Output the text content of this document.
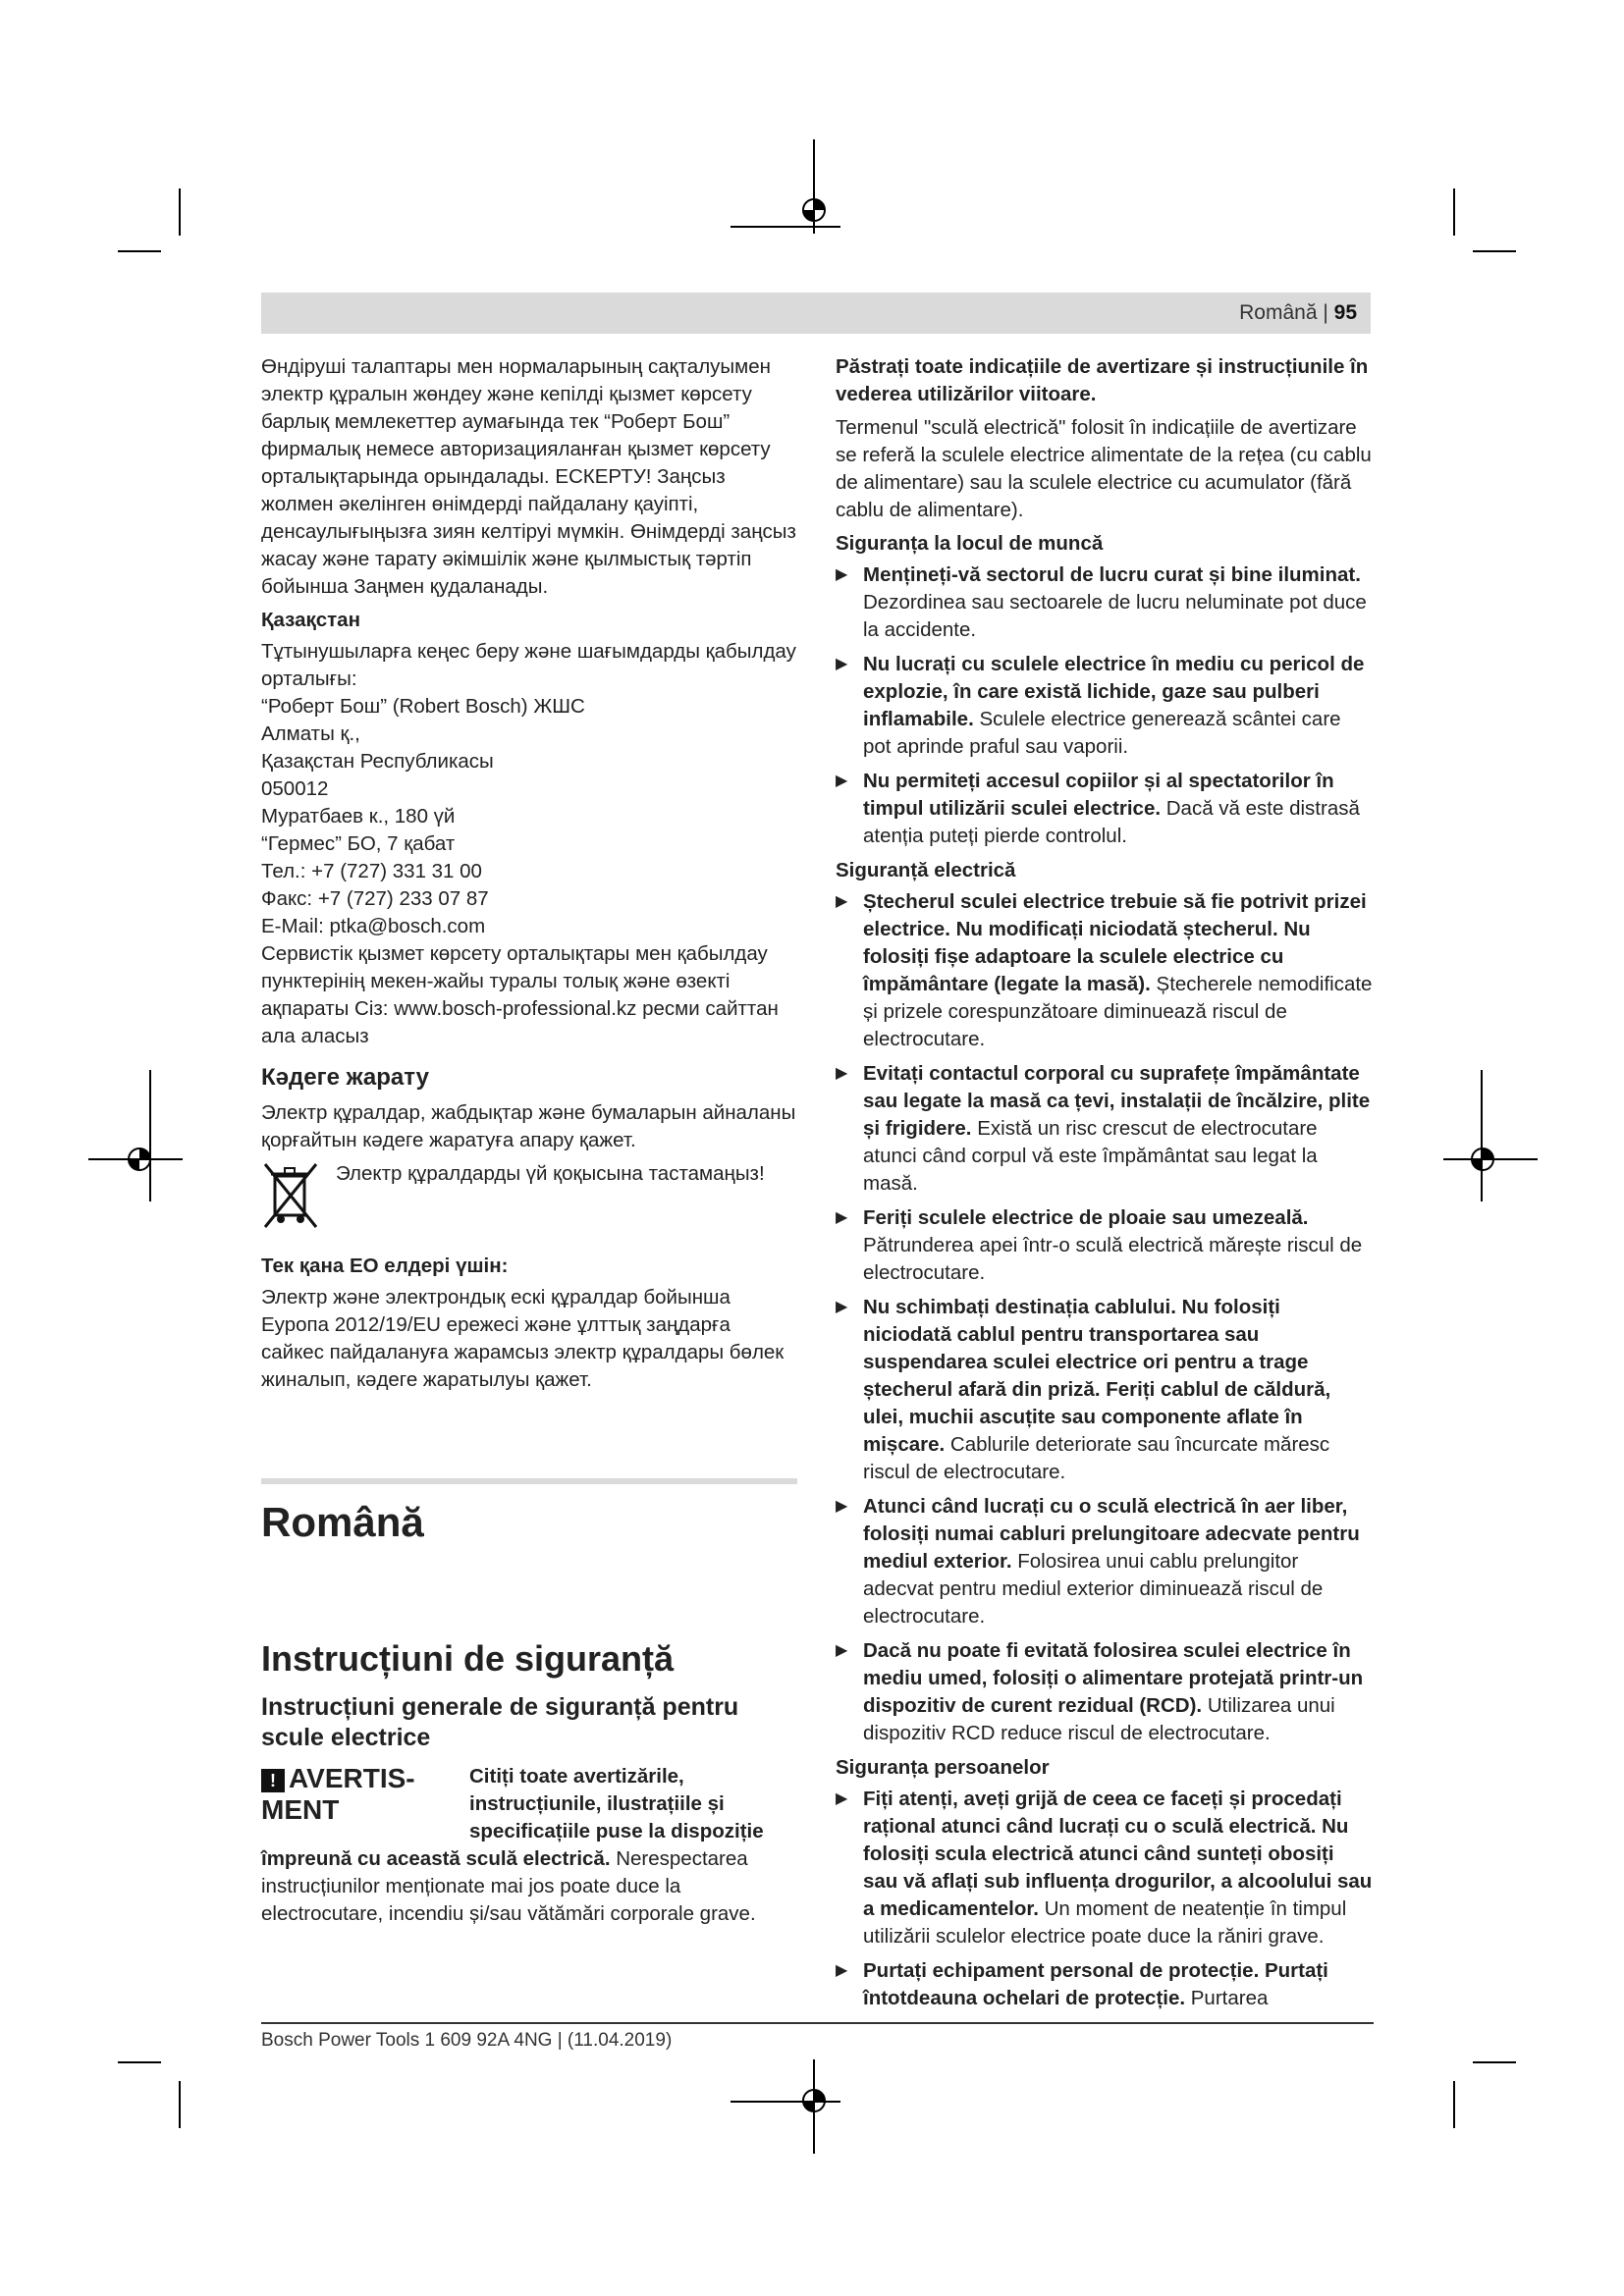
Română | 95

Өндіруші талаптары мен нормаларының сақталуымен электр құралын жөндеу және кепілді қызмет көрсету барлық мемлекеттер аумағында тек “Роберт Бош” фирмалық немесе авторизацияланған қызмет көрсету орталықтарында орындалады. ЕСКЕРТУ! Заңсыз жолмен әкелінген өнімдерді пайдалану қауіпті, денсаулығыңызға зиян келтіруі мүмкін. Өнімдерді заңсыз жасау және тарату әкімшілік және қылмыстық тәртіп бойынша Заңмен қудаланады.

Қазақстан

Тұтынушыларға кеңес беру және шағымдарды қабылдау орталығы:

“Роберт Бош” (Robert Bosch) ЖШС

Алматы қ.,

Қазақстан Республикасы

050012

Муратбаев к., 180 үй

“Гермес” БО, 7 қабат

Тел.: +7 (727) 331 31 00

Факс: +7 (727) 233 07 87

E-Mail: ptka@bosch.com

Сервистік қызмет көрсету орталықтары мен қабылдау пунктерінің мекен-жайы туралы толық және өзекті ақпараты Сіз: www.bosch-professional.kz ресми сайттан ала аласыз

Кәдеге жарату

Электр құралдар, жабдықтар және бумаларын айналаны қорғайтын кәдеге жаратуға апару қажет.

Электр құралдарды үй қоқысына тастамаңыз!

Тек қана ЕО елдері үшін:

Электр және электрондық ескі құралдар бойынша Еуропа 2012/19/EU ережесі және ұлттық заңдарға сайкес пайдалануға жарамсыз электр құралдары бөлек жиналып, кәдеге жаратылуы қажет.

Română
Instrucțiuni de siguranță
Instrucțiuni generale de siguranță pentru scule electrice
! AVERTIS-
MENT
Citiți toate avertizările, instrucțiunile, ilustrațiile și specificațiile puse la dispoziție

împreună cu această sculă electrică. Nerespectarea instrucțiunilor menționate mai jos poate duce la electrocutare, incendiu și/sau vătămări corporale grave.

Păstrați toate indicațiile de avertizare și instrucțiunile în vederea utilizărilor viitoare.

Termenul "sculă electrică" folosit în indicațiile de avertizare se referă la sculele electrice alimentate de la rețea (cu cablu de alimentare) sau la sculele electrice cu acumulator (fără cablu de alimentare).

Siguranța la locul de muncă
▶ Mențineți-vă sectorul de lucru curat și bine iluminat. Dezordinea sau sectoarele de lucru neluminate pot duce la accidente.
▶ Nu lucrați cu sculele electrice în mediu cu pericol de explozie, în care există lichide, gaze sau pulberi inflamabile. Sculele electrice generează scântei care pot aprinde praful sau vaporii.
▶ Nu permiteți accesul copiilor și al spectatorilor în timpul utilizării sculei electrice. Dacă vă este distrasă atenția puteți pierde controlul.
Siguranță electrică
▶ Ștecherul sculei electrice trebuie să fie potrivit prizei electrice. Nu modificați niciodată ștecherul. Nu folosiți fișe adaptoare la sculele electrice cu împământare (legate la masă). Ștecherele nemodificate și prizele corespunzătoare diminuează riscul de electrocutare.
▶ Evitați contactul corporal cu suprafețe împământate sau legate la masă ca țevi, instalații de încălzire, plite și frigidere. Există un risc crescut de electrocutare atunci când corpul vă este împământat sau legat la masă.
▶ Feriți sculele electrice de ploaie sau umezeală. Pătrunderea apei într-o sculă electrică mărește riscul de electrocutare.
▶ Nu schimbați destinația cablului. Nu folosiți niciodată cablul pentru transportarea sau suspendarea sculei electrice ori pentru a trage ștecherul afară din priză. Feriți cablul de căldură, ulei, muchii ascuțite sau componente aflate în mișcare. Cablurile deteriorate sau încurcate măresc riscul de electrocutare.
▶ Atunci când lucrați cu o sculă electrică în aer liber, folosiți numai cabluri prelungitoare adecvate pentru mediul exterior. Folosirea unui cablu prelungitor adecvat pentru mediul exterior diminuează riscul de electrocutare.
▶ Dacă nu poate fi evitată folosirea sculei electrice în mediu umed, folosiți o alimentare protejată printr-un dispozitiv de curent rezidual (RCD). Utilizarea unui dispozitiv RCD reduce riscul de electrocutare.
Siguranța persoanelor
▶ Fiți atenți, aveți grijă de ceea ce faceți și procedați rațional atunci când lucrați cu o sculă electrică. Nu folosiți scula electrică atunci când sunteți obosiți sau vă aflați sub influența drogurilor, a alcoolului sau a medicamentelor. Un moment de neatenție în timpul utilizării sculelor electrice poate duce la răniri grave.
▶ Purtați echipament personal de protecție. Purtați întotdeauna ochelari de protecție. Purtarea
Bosch Power Tools 1 609 92A 4NG | (11.04.2019)
